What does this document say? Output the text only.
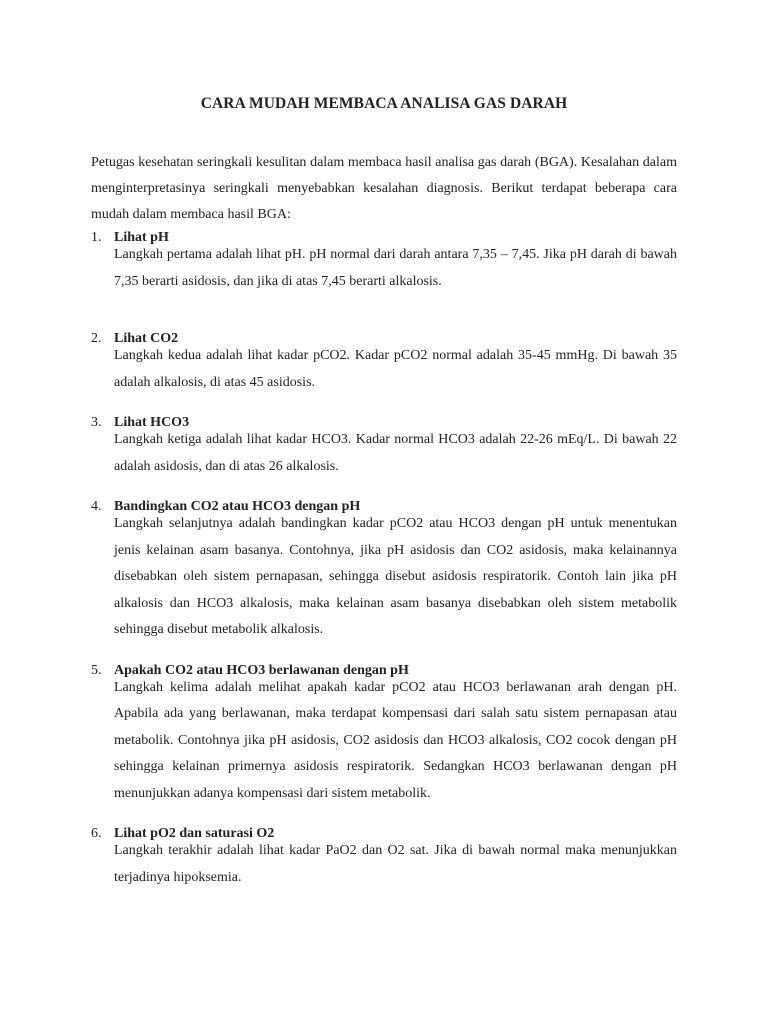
CARA MUDAH MEMBACA ANALISA GAS DARAH

Petugas kesehatan seringkali kesulitan dalam membaca hasil analisa gas darah (BGA). Kesalahan dalam menginterpretasinya seringkali menyebabkan kesalahan diagnosis. Berikut terdapat beberapa cara mudah dalam membaca hasil BGA:

1. Lihat pH

Langkah pertama adalah lihat pH. pH normal dari darah antara 7,35 – 7,45. Jika pH darah di bawah 7,35 berarti asidosis, dan jika di atas 7,45 berarti alkalosis.

2. Lihat CO2

Langkah kedua adalah lihat kadar pCO2. Kadar pCO2 normal adalah 35-45 mmHg. Di bawah 35 adalah alkalosis, di atas 45 asidosis.

3. Lihat HCO3

Langkah ketiga adalah lihat kadar HCO3. Kadar normal HCO3 adalah 22-26 mEq/L. Di bawah 22 adalah asidosis, dan di atas 26 alkalosis.

4. Bandingkan CO2 atau HCO3 dengan pH

Langkah selanjutnya adalah bandingkan kadar pCO2 atau HCO3 dengan pH untuk menentukan jenis kelainan asam basanya. Contohnya, jika pH asidosis dan CO2 asidosis, maka kelainannya disebabkan oleh sistem pernapasan, sehingga disebut asidosis respiratorik. Contoh lain jika pH alkalosis dan HCO3 alkalosis, maka kelainan asam basanya disebabkan oleh sistem metabolik sehingga disebut metabolik alkalosis.

5. Apakah CO2 atau HCO3 berlawanan dengan pH

Langkah kelima adalah melihat apakah kadar pCO2 atau HCO3 berlawanan arah dengan pH. Apabila ada yang berlawanan, maka terdapat kompensasi dari salah satu sistem pernapasan atau metabolik. Contohnya jika pH asidosis, CO2 asidosis dan HCO3 alkalosis, CO2 cocok dengan pH sehingga kelainan primernya asidosis respiratorik. Sedangkan HCO3 berlawanan dengan pH menunjukkan adanya kompensasi dari sistem metabolik.

6. Lihat pO2 dan saturasi O2

Langkah terakhir adalah lihat kadar PaO2 dan O2 sat. Jika di bawah normal maka menunjukkan terjadinya hipoksemia.
